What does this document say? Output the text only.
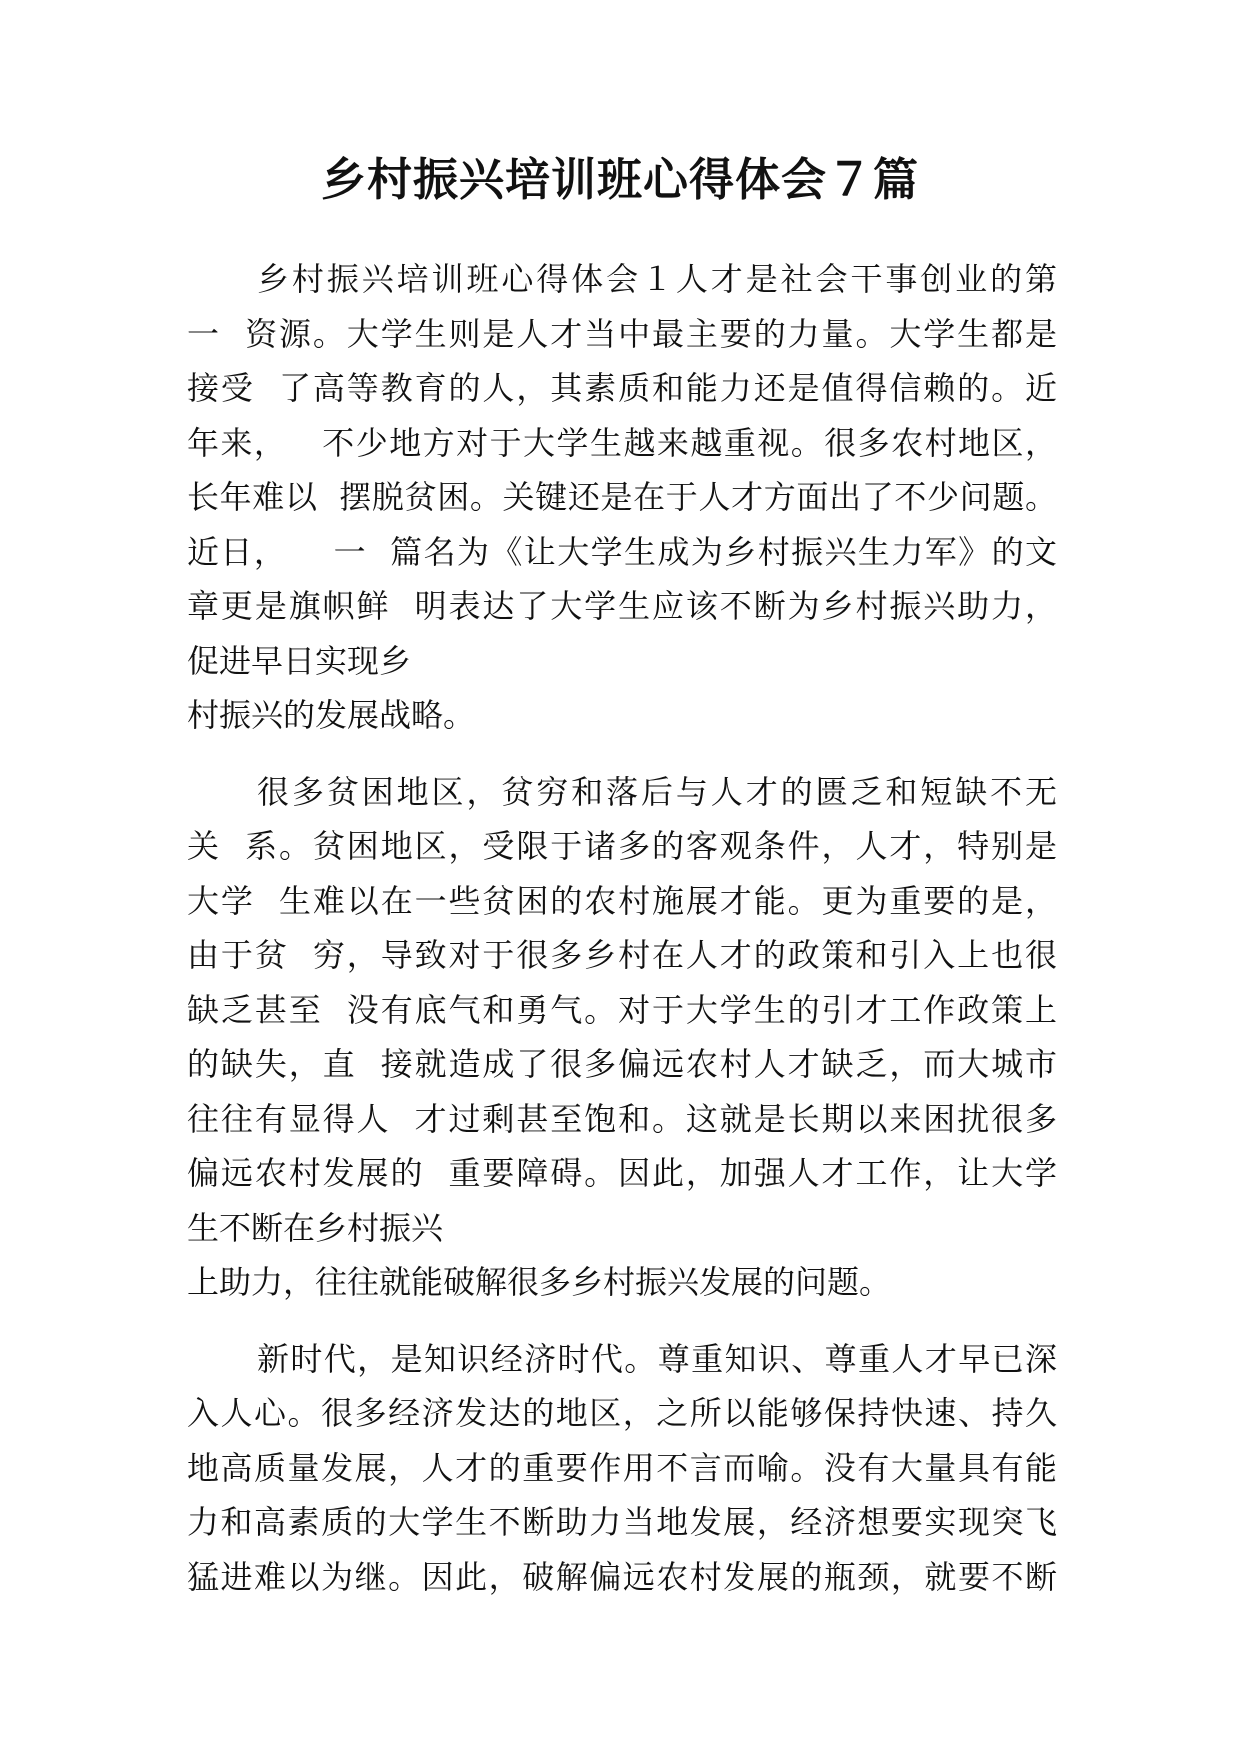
乡村振兴培训班心得体会７篇
乡村振兴培训班心得体会１人才是社会干事创业的第
一  资源。大学生则是人才当中最主要的力量。大学生都是
接受  了高等教育的人，其素质和能力还是值得信赖的。近
年来，   不少地方对于大学生越来越重视。很多农村地区，
长年难以  摆脱贫困。关键还是在于人才方面出了不少问题。
近日，    一  篇名为《让大学生成为乡村振兴生力军》的文
章更是旗帜鲜  明表达了大学生应该不断为乡村振兴助力，
促进早日实现乡
村振兴的发展战略。
很多贫困地区，贫穷和落后与人才的匮乏和短缺不无
关  系。贫困地区，受限于诸多的客观条件，人才，特别是
大学  生难以在一些贫困的农村施展才能。更为重要的是，
由于贫  穷，导致对于很多乡村在人才的政策和引入上也很
缺乏甚至  没有底气和勇气。对于大学生的引才工作政策上
的缺失，直  接就造成了很多偏远农村人才缺乏，而大城市
往往有显得人  才过剩甚至饱和。这就是长期以来困扰很多
偏远农村发展的  重要障碍。因此，加强人才工作，让大学
生不断在乡村振兴
上助力，往往就能破解很多乡村振兴发展的问题。
新时代，是知识经济时代。尊重知识、尊重人才早已深
入人心。很多经济发达的地区，之所以能够保持快速、持久
地高质量发展，人才的重要作用不言而喻。没有大量具有能
力和高素质的大学生不断助力当地发展，经济想要实现突飞
猛进难以为继。因此，破解偏远农村发展的瓶颈，就要不断
